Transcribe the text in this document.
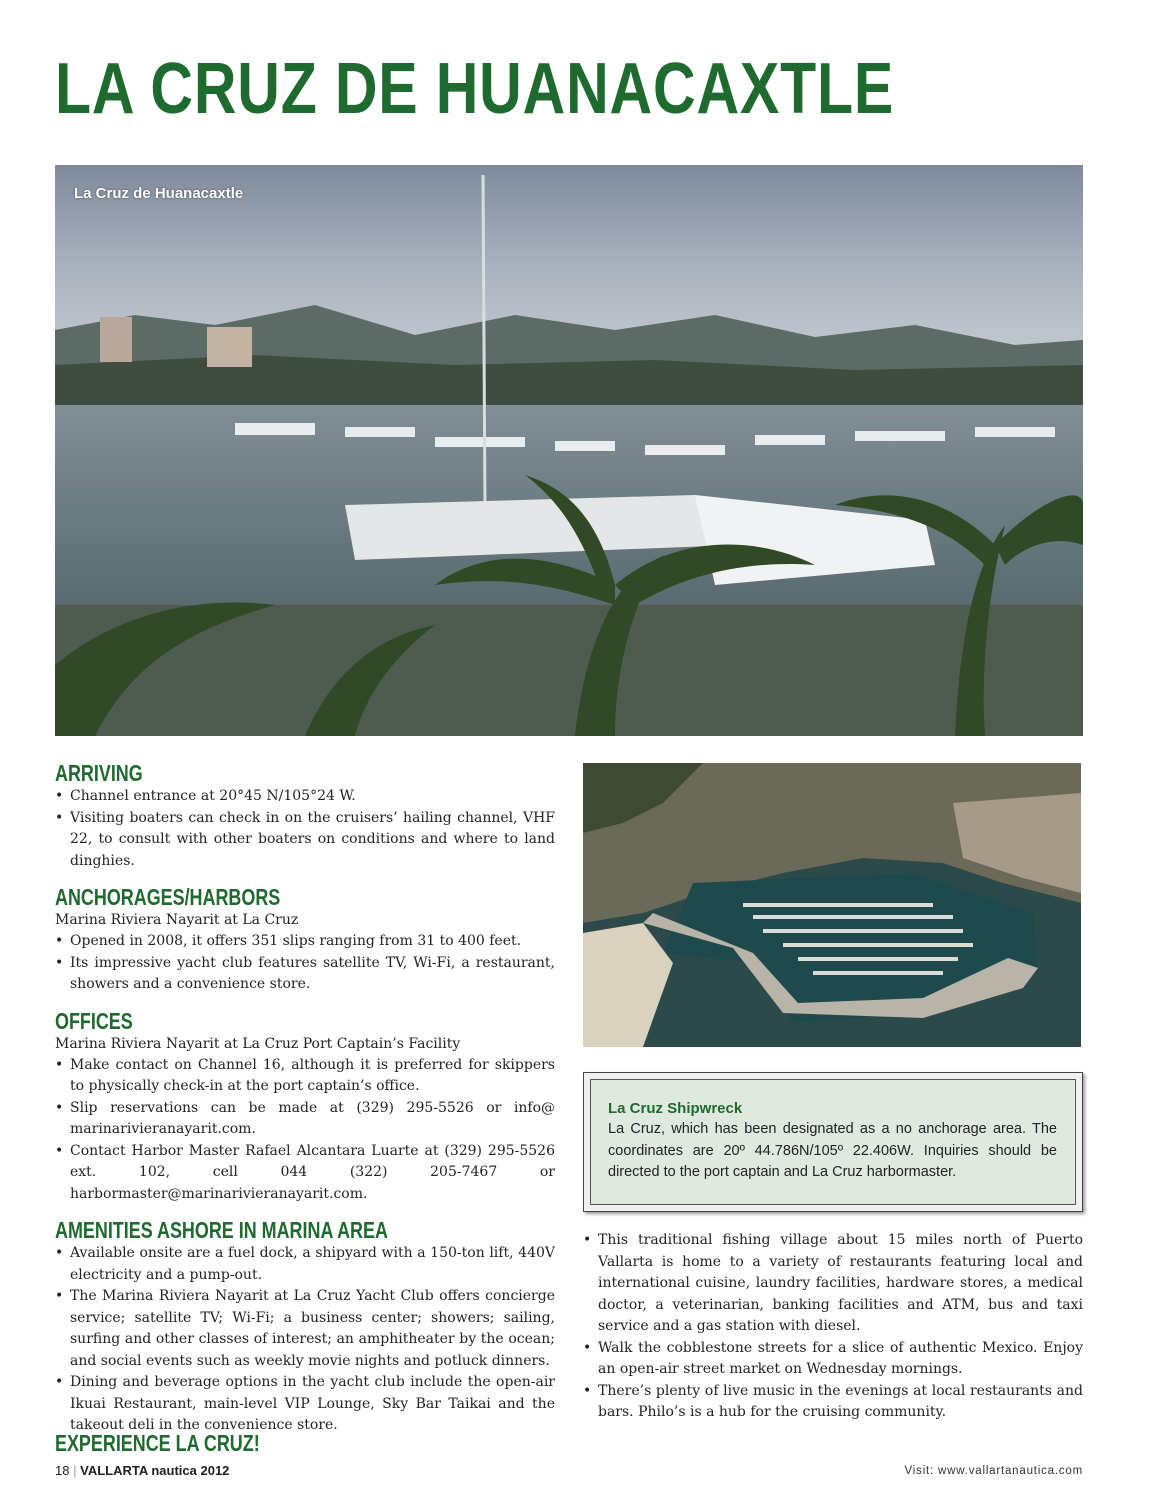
LA CRUZ DE HUANACAXTLE
La Cruz de Huanacaxtle
ARRIVING
• Channel entrance at 20°45 N/105°24 W.
• Visiting boaters can check in on the cruisers’ hailing channel, VHF 22, to consult with other boaters on conditions and where to land dinghies.
ANCHORAGES/HARBORS

Marina Riviera Nayarit at La Cruz

• Opened in 2008, it offers 351 slips ranging from 31 to 400 feet.
• Its impressive yacht club features satellite TV, Wi-Fi, a restaurant, showers and a convenience store.
OFFICES

Marina Riviera Nayarit at La Cruz Port Captain’s Facility

• Make contact on Channel 16, although it is preferred for skippers to physically check-in at the port captain’s office.
• Slip reservations can be made at (329) 295-5526 or info@ marinarivieranayarit.com.
• Contact Harbor Master Rafael Alcantara Luarte at (329) 295-5526 ext. 102, cell 044 (322) 205-7467 or harbormaster@marinarivieranayarit.com.
AMENITIES ASHORE IN MARINA AREA
• Available onsite are a fuel dock, a shipyard with a 150-ton lift, 440V electricity and a pump-out.
• The Marina Riviera Nayarit at La Cruz Yacht Club offers concierge service; satellite TV; Wi-Fi; a business center; showers; sailing, surfing and other classes of interest; an amphitheater by the ocean; and social events such as weekly movie nights and potluck dinners.
• Dining and beverage options in the yacht club include the open-air Ikuai Restaurant, main-level VIP Lounge, Sky Bar Taikai and the takeout deli in the convenience store.
EXPERIENCE LA CRUZ!
La Cruz Shipwreck
La Cruz, which has been designated as a no anchorage area. The coordinates are 20º 44.786N/105º 22.406W. Inquiries should be directed to the port captain and La Cruz harbormaster.
• This traditional fishing village about 15 miles north of Puerto Vallarta is home to a variety of restaurants featuring local and international cuisine, laundry facilities, hardware stores, a medical doctor, a veterinarian, banking facilities and ATM, bus and taxi service and a gas station with diesel.
• Walk the cobblestone streets for a slice of authentic Mexico. Enjoy an open-air street market on Wednesday mornings.
• There’s plenty of live music in the evenings at local restaurants and bars. Philo’s is a hub for the cruising community.
18 | VALLARTA nautica 2012	Visit: www.vallartanautica.com
